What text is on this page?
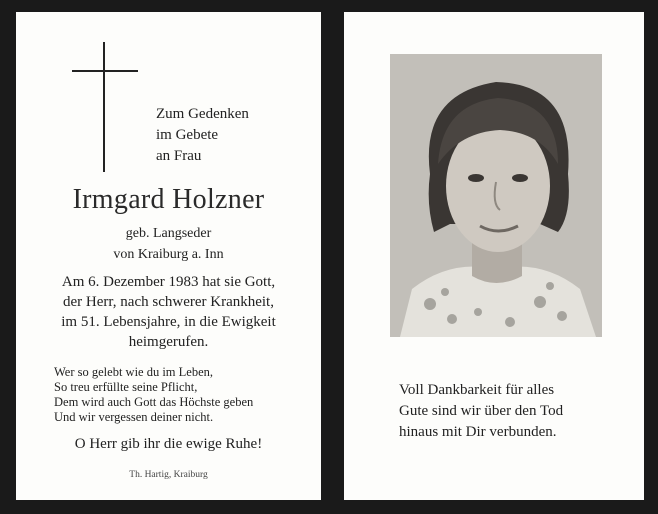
Zum Gedenken
im Gebete
an Frau
Irmgard Holzner
geb. Langseder
von Kraiburg a. Inn
Am 6. Dezember 1983 hat sie Gott,
der Herr, nach schwerer Krankheit,
im 51. Lebensjahre, in die Ewigkeit
heimgerufen.
Wer so gelebt wie du im Leben,
So treu erfüllte seine Pflicht,
Dem wird auch Gott das Höchste geben
Und wir vergessen deiner nicht.
O Herr gib ihr die ewige Ruhe!
Th. Hartig, Kraiburg
Voll Dankbarkeit für alles
Gute sind wir über den Tod
hinaus mit Dir verbunden.
